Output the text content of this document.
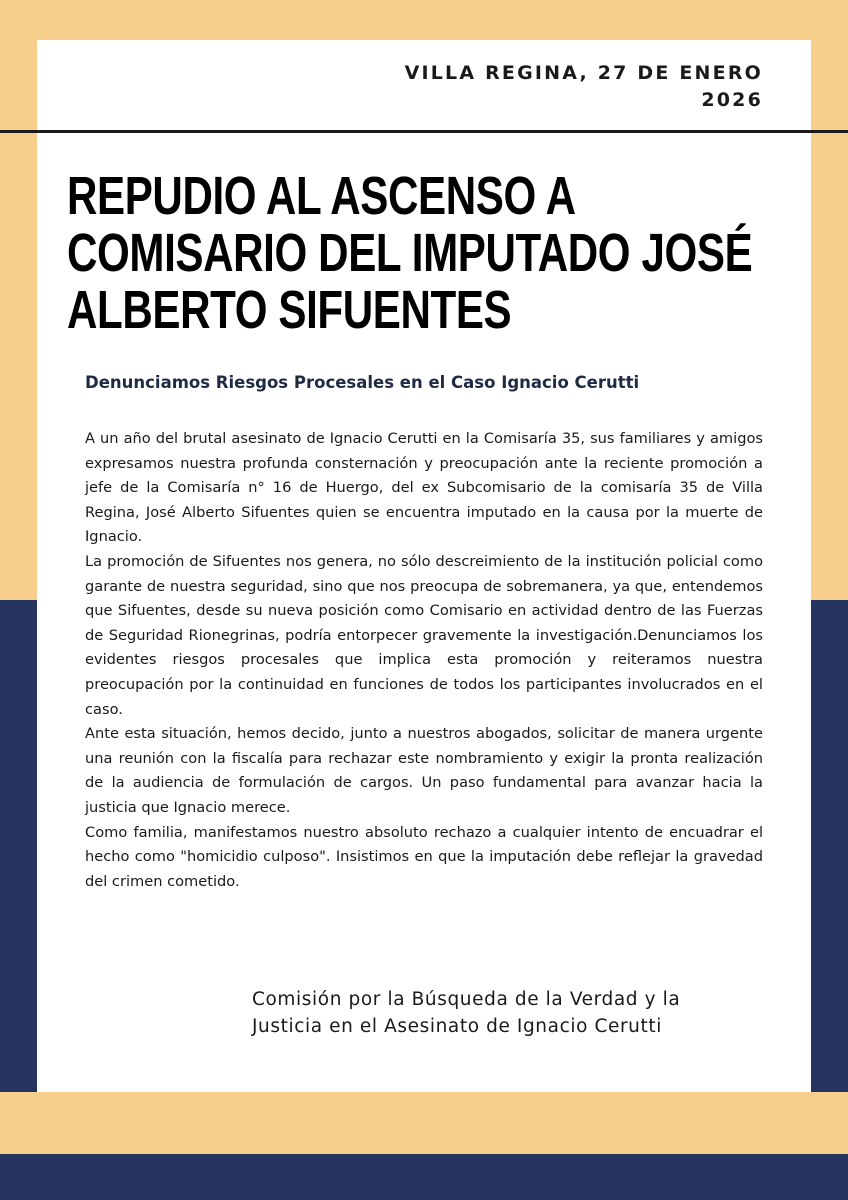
VILLA REGINA, 27 DE ENERO
2026
REPUDIO AL ASCENSO A
COMISARIO DEL IMPUTADO JOSÉ
ALBERTO SIFUENTES
Denunciamos Riesgos Procesales en el Caso Ignacio Cerutti

A un año del brutal asesinato de Ignacio Cerutti en la Comisaría 35, sus familiares y amigos expresamos nuestra profunda consternación y preocupación ante la reciente promoción a jefe de la Comisaría n° 16 de Huergo, del ex Subcomisario de la comisaría 35 de Villa Regina, José Alberto Sifuentes quien se encuentra imputado en la causa por la muerte de Ignacio.

La promoción de Sifuentes nos genera, no sólo descreimiento de la institución policial como garante de nuestra seguridad, sino que nos preocupa de sobremanera, ya que, entendemos que Sifuentes, desde su nueva posición como Comisario en actividad dentro de las Fuerzas de Seguridad Rionegrinas, podría entorpecer gravemente la investigación.Denunciamos los evidentes riesgos procesales que implica esta promoción y reiteramos nuestra preocupación por la continuidad en funciones de todos los participantes involucrados en el caso.

Ante esta situación, hemos decido, junto a nuestros abogados, solicitar de manera urgente una reunión con la fiscalía para rechazar este nombramiento y exigir la pronta realización de la audiencia de formulación de cargos. Un paso fundamental para avanzar hacia la justicia que Ignacio merece.

Como familia, manifestamos nuestro absoluto rechazo a cualquier intento de encuadrar el hecho como "homicidio culposo". Insistimos en que la imputación debe reflejar la gravedad del crimen cometido.

Comisión por la Búsqueda de la Verdad y la
Justicia en el Asesinato de Ignacio Cerutti
